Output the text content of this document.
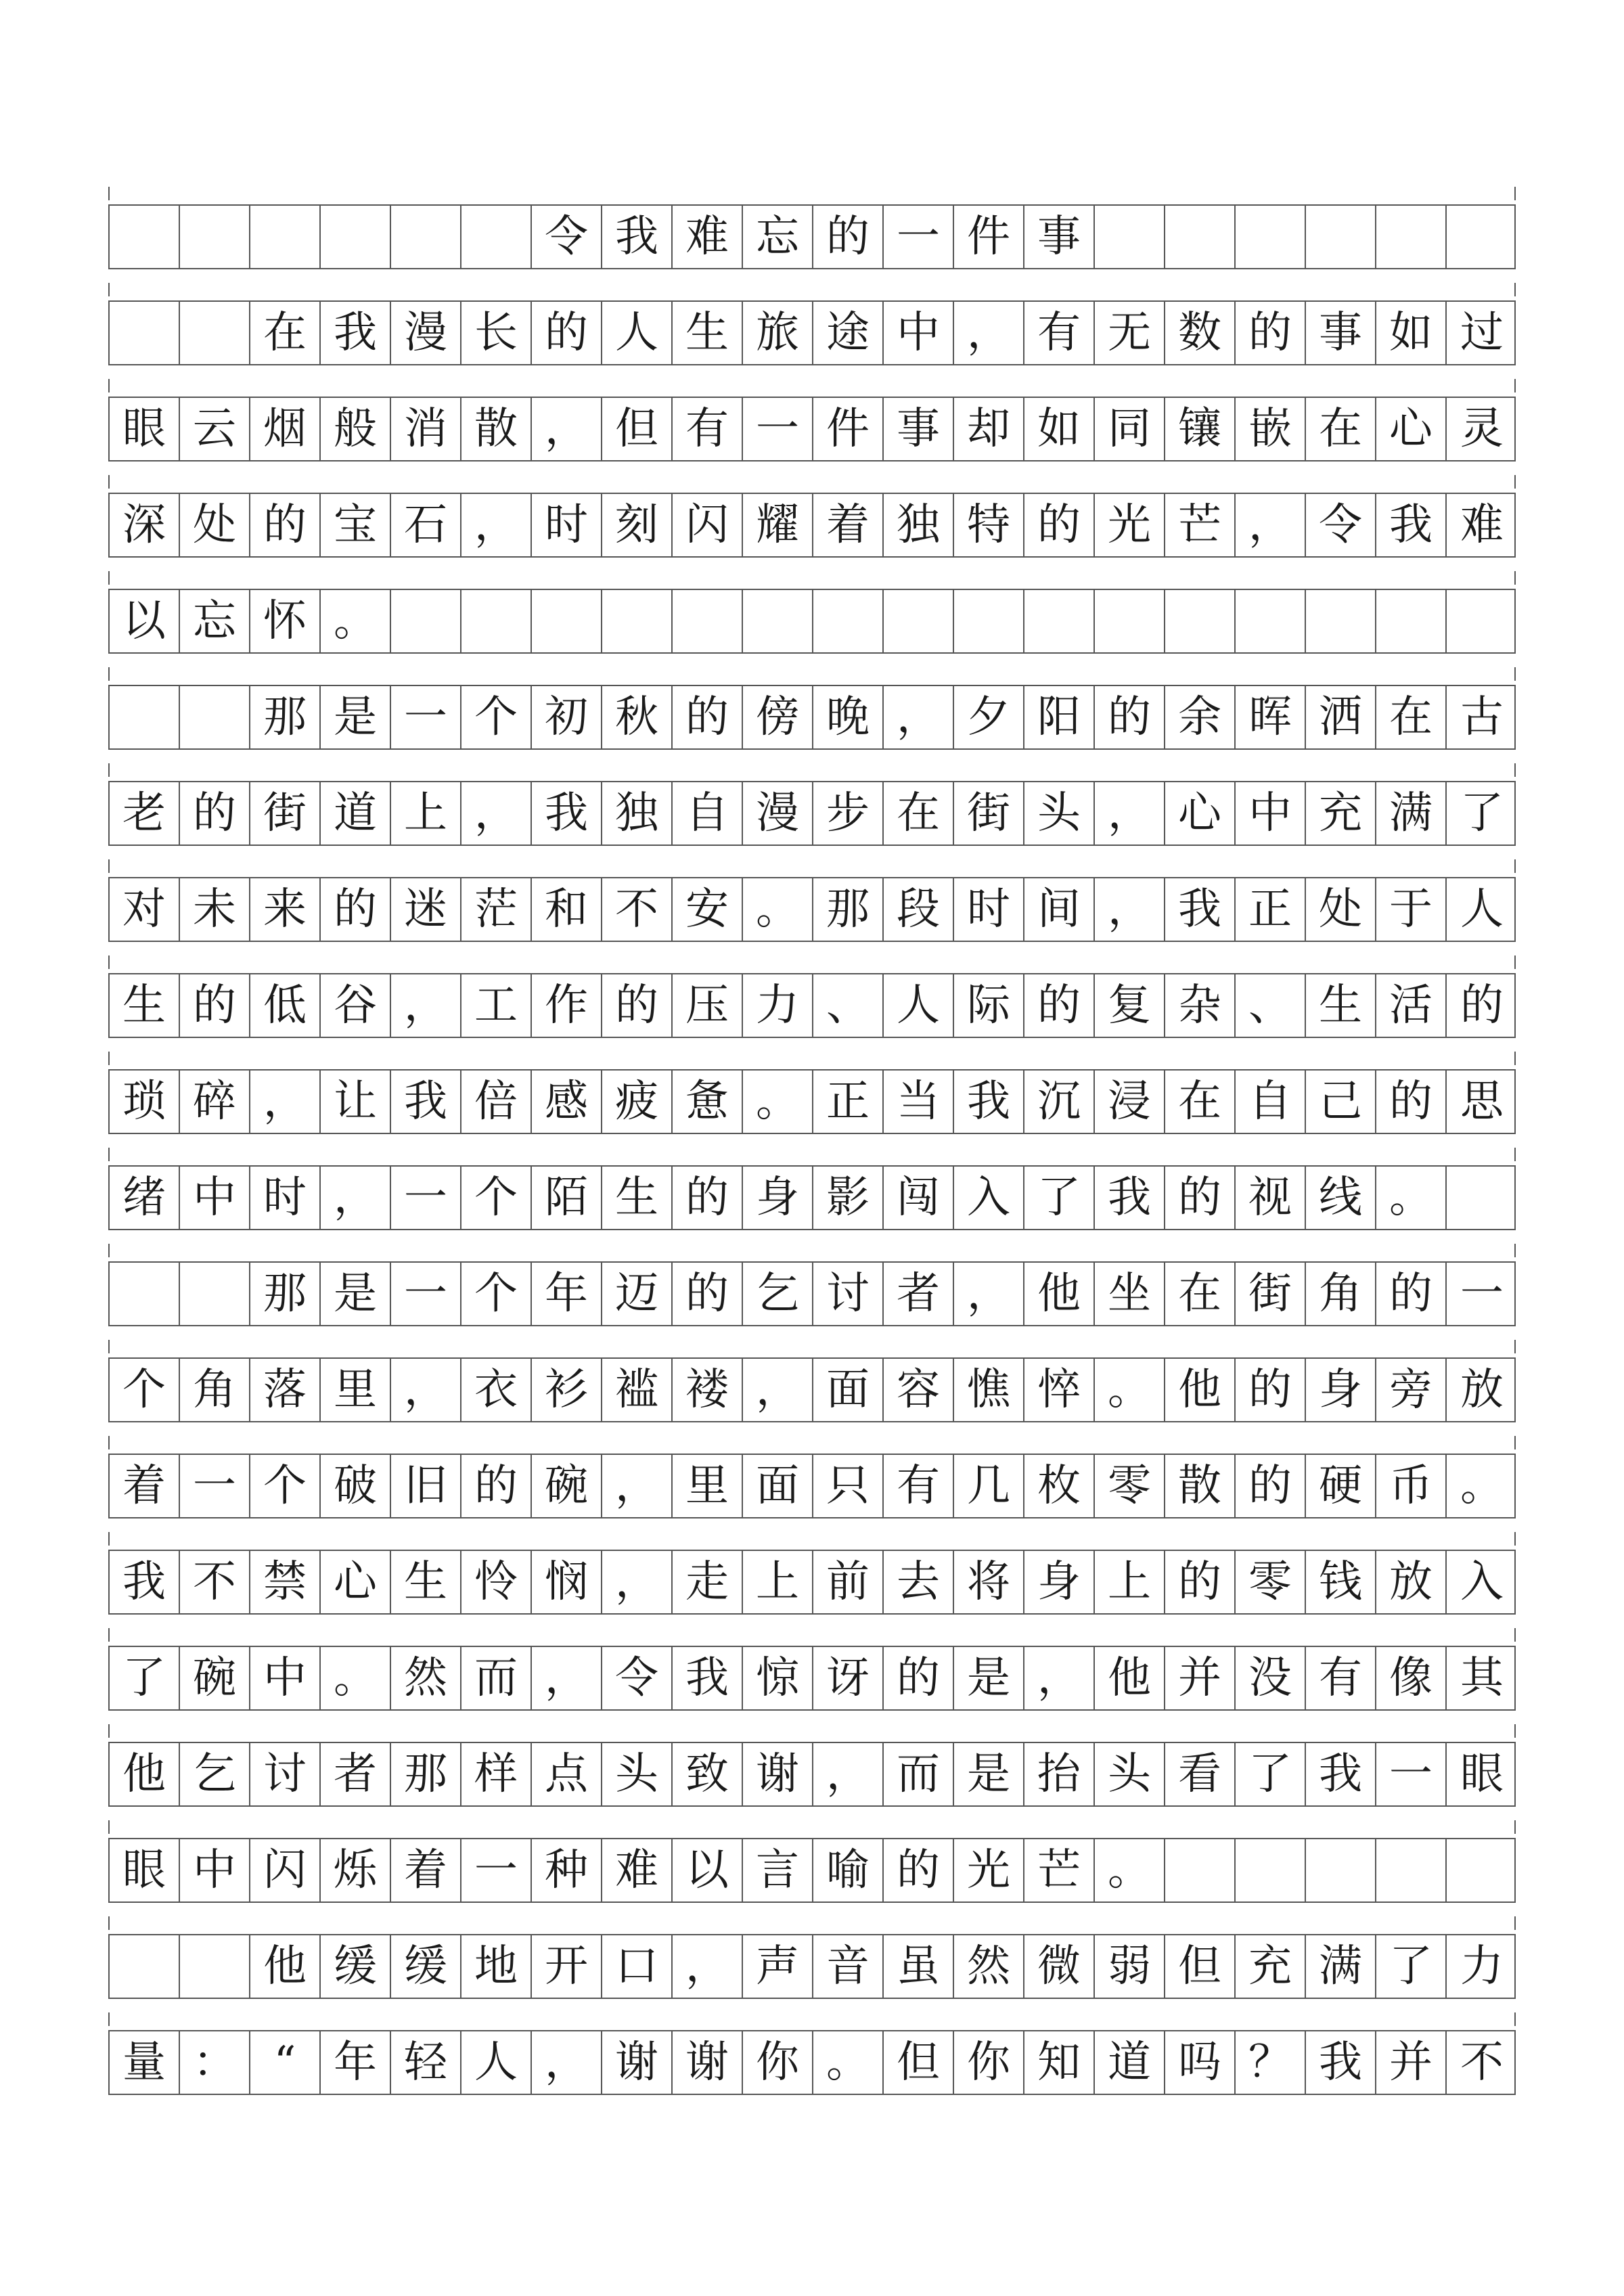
令 我 难 忘 的 一 件 事
在 我 漫 长 的 人 生 旅 途 中 ， 有 无 数 的 事 如 过
眼 云 烟 般 消 散 ， 但 有 一 件 事 却 如 同 镶 嵌 在 心 灵
深 处 的 宝 石 ， 时 刻 闪 耀 着 独 特 的 光 芒 ， 令 我 难
以 忘 怀 。
那 是 一 个 初 秋 的 傍 晚 ， 夕 阳 的 余 晖 洒 在 古
老 的 街 道 上 ， 我 独 自 漫 步 在 街 头 ， 心 中 充 满 了
对 未 来 的 迷 茫 和 不 安 。 那 段 时 间 ， 我 正 处 于 人
生 的 低 谷 ， 工 作 的 压 力 、 人 际 的 复 杂 、 生 活 的
琐 碎 ， 让 我 倍 感 疲 惫 。 正 当 我 沉 浸 在 自 己 的 思
绪 中 时 ， 一 个 陌 生 的 身 影 闯 入 了 我 的 视 线 。
那 是 一 个 年 迈 的 乞 讨 者 ， 他 坐 在 街 角 的 一
个 角 落 里 ， 衣 衫 褴 褛 ， 面 容 憔 悴 。 他 的 身 旁 放
着 一 个 破 旧 的 碗 ， 里 面 只 有 几 枚 零 散 的 硬 币 。
我 不 禁 心 生 怜 悯 ， 走 上 前 去 将 身 上 的 零 钱 放 入
了 碗 中 。 然 而 ， 令 我 惊 讶 的 是 ， 他 并 没 有 像 其
他 乞 讨 者 那 样 点 头 致 谢 ， 而 是 抬 头 看 了 我 一 眼
眼 中 闪 烁 着 一 种 难 以 言 喻 的 光 芒 。
他 缓 缓 地 开 口 ， 声 音 虽 然 微 弱 但 充 满 了 力
量 ： “ 年 轻 人 ， 谢 谢 你 。 但 你 知 道 吗 ？ 我 并 不
